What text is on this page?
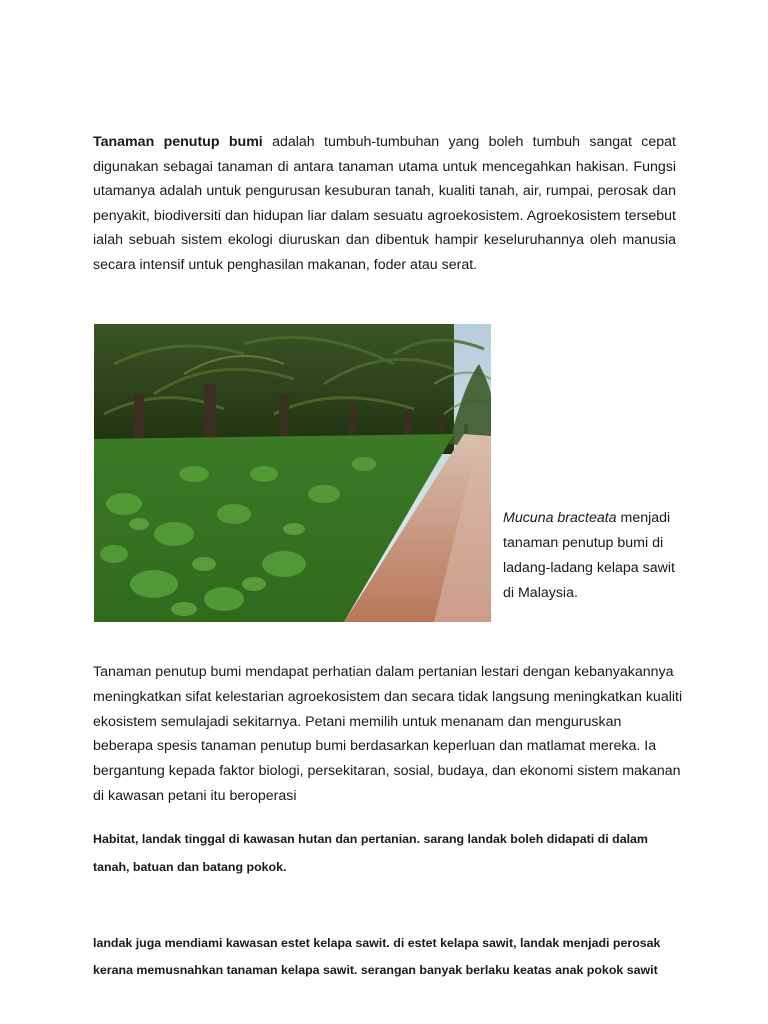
Tanaman penutup bumi adalah tumbuh-tumbuhan yang boleh tumbuh sangat cepat digunakan sebagai tanaman di antara tanaman utama untuk mencegahkan hakisan. Fungsi utamanya adalah untuk pengurusan kesuburan tanah, kualiti tanah, air, rumpai, perosak dan penyakit, biodiversiti dan hidupan liar dalam sesuatu agroekosistem. Agroekosistem tersebut ialah sebuah sistem ekologi diuruskan dan dibentuk hampir keseluruhannya oleh manusia secara intensif untuk penghasilan makanan, foder atau serat.

Mucuna bracteata menjadi tanaman penutup bumi di ladang-ladang kelapa sawit di Malaysia.

Tanaman penutup bumi mendapat perhatian dalam pertanian lestari dengan kebanyakannya meningkatkan sifat kelestarian agroekosistem dan secara tidak langsung meningkatkan kualiti ekosistem semulajadi sekitarnya. Petani memilih untuk menanam dan menguruskan beberapa spesis tanaman penutup bumi berdasarkan keperluan dan matlamat mereka. Ia bergantung kepada faktor biologi, persekitaran, sosial, budaya, dan ekonomi sistem makanan di kawasan petani itu beroperasi

Habitat, landak tinggal di kawasan hutan dan pertanian. sarang landak boleh didapati di dalam tanah, batuan dan batang pokok.

landak juga mendiami kawasan estet kelapa sawit. di estet kelapa sawit, landak menjadi perosak kerana memusnahkan tanaman kelapa sawit. serangan banyak berlaku keatas anak pokok sawit
